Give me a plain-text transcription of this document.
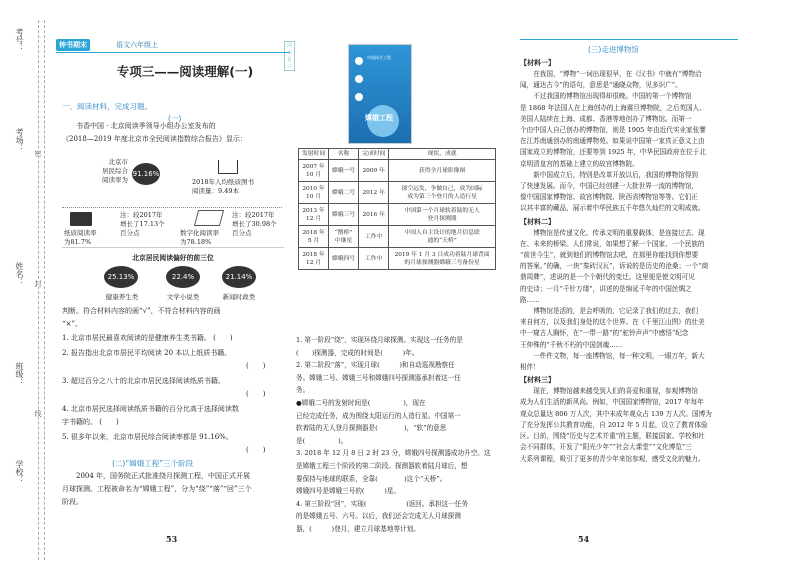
考号：
考场：
姓名：
班级：
学校：
密
封
线
钟书期末	语文六年级上	期末复习
专项三——阅读理解(一)
一、阅读材料，完成习题。
(一)
书香中国 · 北京阅读季领导小组办公室发布的
《2018—2019 年度北京市全民阅读指数综合报告》显示：
北京市
居民综合
阅读率为
91.16%
2018年人均纸质图书
阅读量：9.49本
纸质阅读率
为81.7%
注：较2017年
增长了17.13个
百分点	数字化阅读率
为78.18%
注：较2017年
增长了30.98个
百分点
北京居民阅读偏好的前三位
25.13%	22.4%	21.14%
健康养生类	文学小说类	新闻时政类
判断。符合材料内容的画“√”，不符合材料内容的画
“×”。
1. 北京市居民最喜欢阅读的是健康养生类书籍。 (　　)
2. 报告指出北京市居民平均阅读 20 本以上纸质书籍。
(　　)
3. 超过百分之八十的北京市居民选择阅读纸质书籍。
(　　)
4. 北京市居民选择阅读纸质书籍的百分比高于选择阅读数
字书籍的。 (　　)
5. 很多年以来，北京市居民综合阅读率都是 91.16%。
(　　)
(二)“嫦娥工程”三个阶段
2004 年，国务院正式批准绕月探测工程，中国正式开展
月球探测。工程被命名为“嫦娥工程”，分为“绕”“落”“回”三个
阶段。
53
嫦娥工程
中国探月工程
发射时间	名称	完成时间	现状，成就
2007 年
10 月	嫦娥一号	2009 年	获得全月球影像图
2010 年
10 月	嫦娥二号	2012 年	深空远发，争做自己，成为国际
成为第三个登月的人造行星
2013 年
12 月	嫦娥三号	2016 年	中国第一个月球软着陆的无人
登月探测器
2018 年
5 月	“鹊桥”
中继星	工作中	中国人自主设计的地月信息联
通的“天桥”
2018 年
12 月	嫦娥四号	工作中	2019 年 1 月 3 日成功着陆月球背面
的月球探测器嫦娥三号备份星
1. 第一阶段“绕”，实现环绕月球探测。实现这一任务的是
(　　)探测器，完成的时间是(　　　)年。
2. 第二阶段“落”，实现月球(　　　)和自动巡视勘察任
务。嫦娥二号、嫦娥三号和嫦娥四号探测器承担着这一任
务。
●嫦娥二号的发射时间是(　　　　　)，现在
已经完成任务，成为围绕太阳运行的人造行星。中国第一
软着陆的无人登月探测器是(　　　　)，“软”的意思
是(　　　　　)。
3. 2018 年 12 月 8 日 2 时 23 分，嫦娥四号探测器成功升空。这
是嫦娥工程三个阶段的第二阶段。探测器软着陆月球后，想
要保持与地球的联系，全靠(　　　　)这个“天桥”。
嫦娥四号是嫦娥三号的(　　　)星。
4. 第三阶段“回”，实现(　　　　　　)返回。承担这一任务
的是嫦娥五号、六号。以后，我们还会完成无人月球探测
器，(　　　)登月，建立月球基地等计划。
(三)走进博物馆
【材料一】
在我国，“博物”一词出现很早，在《汉书》中就有“博物洽
闻，通达古今”的语句，意思是“通晓众物，见多识广”。
不过我国的博物馆出现得却很晚。中国的第一个博物馆
是 1868 年法国人在上海创办的上海震旦博物院，之后英国人、
美国人陆续在上海、成都、香港等地创办了博物馆。而第一
个由中国人自己创办的博物馆，则是 1905 年由近代实业家张謇
在江苏南通创办的南通博物苑。如果说中国第一家真正意义上由
国家成立的博物馆，还要等到 1925 年，中华民国政府在位于北
京明清皇宫的基础上建立的故宫博物院。
新中国成立后，特别是改革开放以后，我国的博物馆得到
了快速发展。而今，中国已经创建一大批世界一流的博物馆，
像中国国家博物馆、故宫博物院、陕西省博物馆等等。它们正
以其丰富的藏品，展示着中华民族五千年悠久灿烂的文明成就。
【材料二】
博物馆是传递文化、传承文明的重要载体，是连接过去、现
在、未来的桥梁。人们常说，如果想了解一个国家、一个民族的
“前世今生”，就到他们的博物馆去吧，在那里你能找到你想要
的答案。”的确，一块“秦砖汉瓦”，诉说的是历史的沧桑；一个“商
鼎周彝”，述说的是一个个朝代的变迁。这里便是使文明可见
的史诗；一月“千针万缕”，讲述的是绵延千年的中国丝绸之
路……
博物馆是活的，是会呼吸的，它记录了我们的过去，我们
来自何方，以及我们身处的这个世界。在《千里江山图》的壮美
中一窥古人胸怀，在“一带一路”的“驼铃声声”中感悟“纪念
王仲殊的”千秋不朽的中国剑魂……
一件件文物，每一座博物馆，每一种文明，一眼万年，新大
相伴！
【材料三】
现在，博物馆越来越受到人们的喜爱和重视，参观博物馆
成为人们生活的新风尚。例如，中国国家博物馆，2017 年每年
观众总量达 806 万人次，其中未成年观众占 139 万人次。国博为
了充分发挥公共教育功能，自 2012 年 5 月起，设立了教育体验
区。目前，围绕“历史与艺术并重”的主题，联接国家、学校和社
会不同群体，开发了“阳光少年”“社会大课堂”“文化博览”三
大系列课程，吸引了更多的青少年来馆参观，感受文化的魅力。
54
